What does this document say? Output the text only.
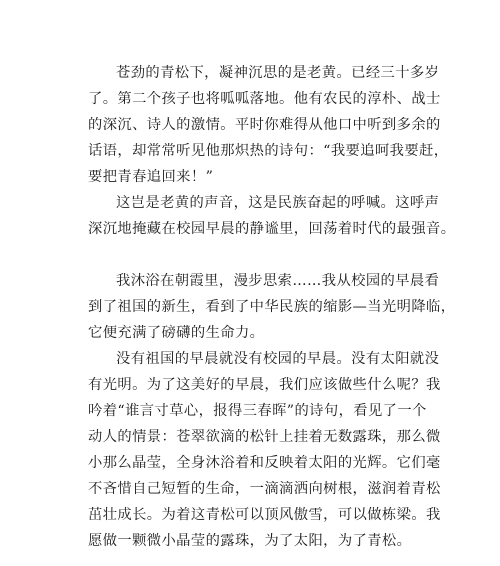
苍劲的青松下，凝神沉思的是老黄。已经三十多岁

了。第二个孩子也将呱呱落地。他有农民的淳朴、战士

的深沉、诗人的激情。平时你难得从他口中听到多余的

话语，却常常听见他那炽热的诗句：“我要追呵我要赶，

要把青春追回来！”

这岂是老黄的声音，这是民族奋起的呼喊。这呼声

深沉地掩藏在校园早晨的静谧里，回荡着时代的最强音。

我沐浴在朝霞里，漫步思索……我从校园的早晨看

到了祖国的新生，看到了中华民族的缩影—当光明降临，

它便充满了磅礴的生命力。

没有祖国的早晨就没有校园的早晨。没有太阳就没

有光明。为了这美好的早晨，我们应该做些什么呢？我

吟着“谁言寸草心，报得三春晖”的诗句，看见了一个

动人的情景：苍翠欲滴的松针上挂着无数露珠，那么微

小那么晶莹，全身沐浴着和反映着太阳的光辉。它们毫

不吝惜自己短暂的生命，一滴滴洒向树根，滋润着青松

茁壮成长。为着这青松可以顶风傲雪，可以做栋梁。我

愿做一颗微小晶莹的露珠，为了太阳，为了青松。
